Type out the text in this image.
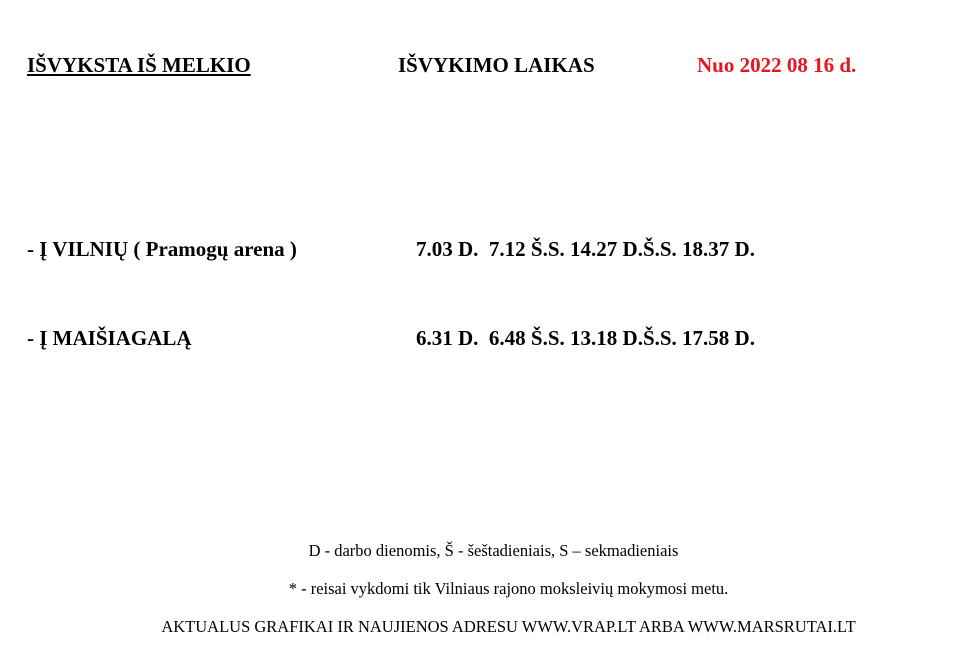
IŠVYKSTA IŠ MELKIO	IŠVYKIMO LAIKAS	Nuo 2022 08 16 d.
- Į VILNIŲ ( Pramogų arena )	7.03 D.  7.12 Š.S. 14.27 D.Š.S. 18.37 D.
- Į MAIŠIAGALĄ	6.31 D.  6.48 Š.S. 13.18 D.Š.S. 17.58 D.
D - darbo dienomis, Š - šeštadieniais, S – sekmadieniais
* - reisai vykdomi tik Vilniaus rajono moksleivių mokymosi metu.
AKTUALUS GRAFIKAI IR NAUJIENOS ADRESU WWW.VRAP.LT ARBA WWW.MARSRUTAI.LT
